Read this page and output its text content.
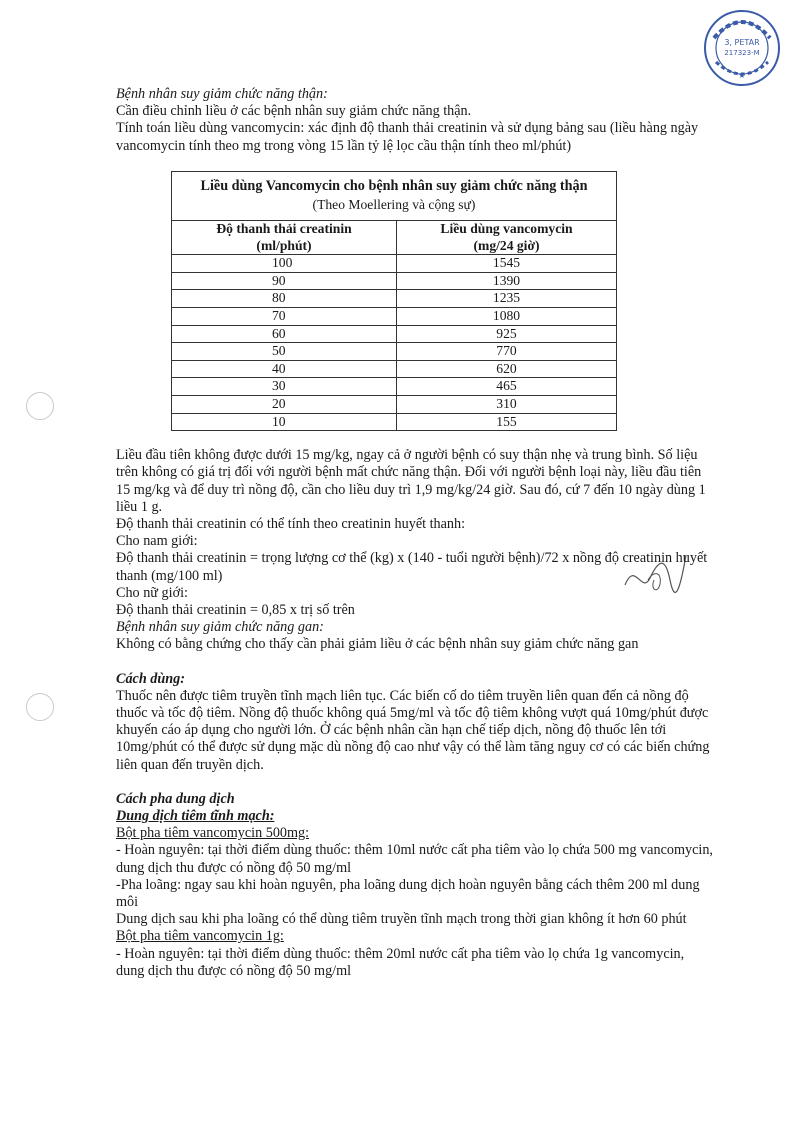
3, PETAR
217323-M
★

Bệnh nhân suy giảm chức năng thận:

Cần điều chỉnh liều ở các bệnh nhân suy giảm chức năng thận.

Tính toán liều dùng vancomycin: xác định độ thanh thải creatinin và sử dụng bảng sau (liều hàng ngày vancomycin tính theo mg trong vòng 15 lần tỷ lệ lọc cầu thận tính theo ml/phút)

Liều dùng Vancomycin cho bệnh nhân suy giảm chức năng thận	
(Theo Moellering và cộng sự)	
Độ thanh thải creatinin
(ml/phút)	Liều dùng vancomycin
(mg/24 giờ)
100	1545
90	1390
80	1235
70	1080
60	925
50	770
40	620
30	465
20	310
10	155

Liều đầu tiên không được dưới 15 mg/kg, ngay cả ở người bệnh có suy thận nhẹ và trung bình. Số liệu trên không có giá trị đối với người bệnh mất chức năng thận. Đối với người bệnh loại này, liều đầu tiên 15 mg/kg và để duy trì nồng độ, cần cho liều duy trì 1,9 mg/kg/24 giờ. Sau đó, cứ 7 đến 10 ngày dùng 1 liều 1 g.

Độ thanh thải creatinin có thể tính theo creatinin huyết thanh:

Cho nam giới:

Độ thanh thải creatinin = trọng lượng cơ thể (kg) x (140 - tuổi người bệnh)/72 x nồng độ creatinin huyết thanh (mg/100 ml)

Cho nữ giới:

Độ thanh thải creatinin = 0,85 x trị số trên

Bệnh nhân suy giảm chức năng gan:

Không có bằng chứng cho thấy cần phải giảm liều ở các bệnh nhân suy giảm chức năng gan

Cách dùng:

Thuốc nên được tiêm truyền tĩnh mạch liên tục. Các biến cố do tiêm truyền liên quan đến cả nồng độ thuốc và tốc độ tiêm. Nồng độ thuốc không quá 5mg/ml và tốc độ tiêm không vượt quá 10mg/phút được khuyến cáo áp dụng cho người lớn. Ở các bệnh nhân cần hạn chế tiếp dịch, nồng độ thuốc lên tới 10mg/phút có thể được sử dụng mặc dù nồng độ cao như vậy có thể làm tăng nguy cơ có các biến chứng liên quan đến truyền dịch.

Cách pha dung dịch

Dung dịch tiêm tĩnh mạch:

Bột pha tiêm vancomycin 500mg:

- Hoàn nguyên: tại thời điểm dùng thuốc: thêm 10ml nước cất pha tiêm vào lọ chứa 500 mg vancomycin, dung dịch thu được có nồng độ 50 mg/ml

-Pha loãng: ngay sau khi hoàn nguyên, pha loãng dung dịch hoàn nguyên bằng cách thêm 200 ml dung môi

Dung dịch sau khi pha loãng có thể dùng tiêm truyền tĩnh mạch trong thời gian không ít hơn 60 phút

Bột pha tiêm vancomycin 1g:

- Hoàn nguyên: tại thời điểm dùng thuốc: thêm 20ml nước cất pha tiêm vào lọ chứa 1g vancomycin, dung dịch thu được có nồng độ 50 mg/ml
